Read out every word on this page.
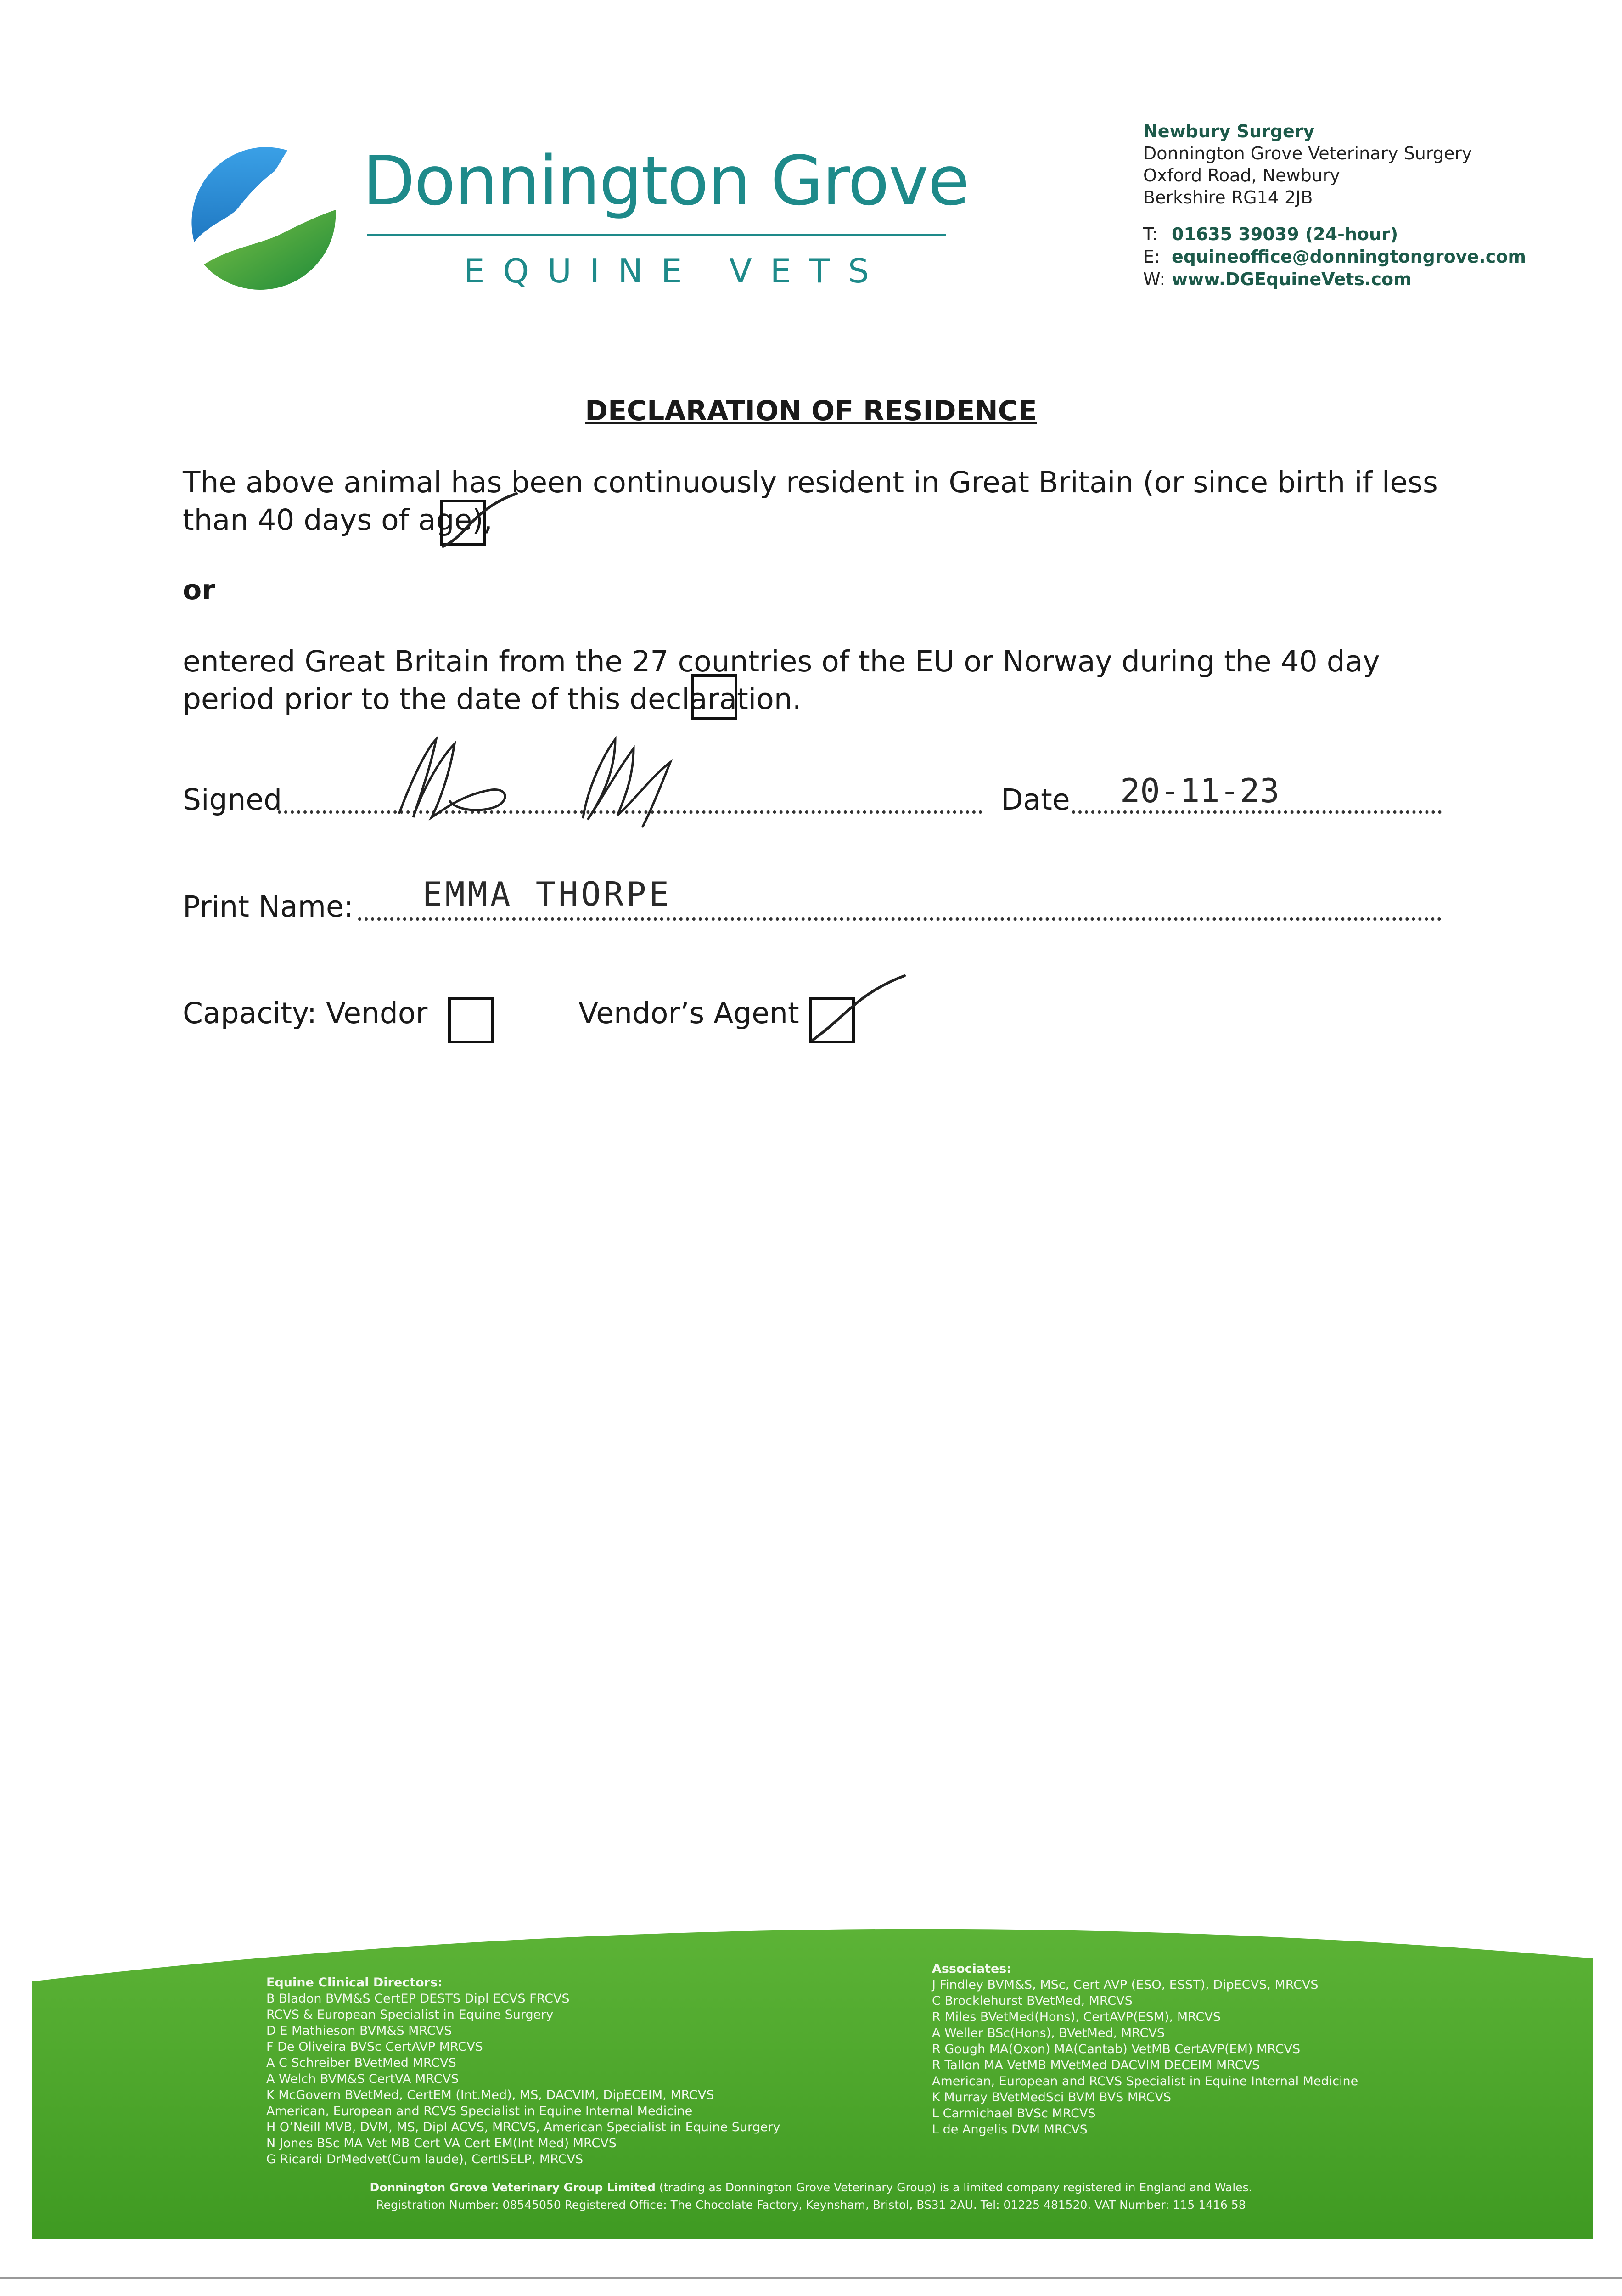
Donnington Grove
EQUINE VETS
Newbury Surgery
Donnington Grove Veterinary Surgery
Oxford Road, Newbury
Berkshire RG14 2JB
T: 01635 39039 (24-hour)
E: equineoffice@donningtongrove.com
W: www.DGEquineVets.com
DECLARATION OF RESIDENCE
The above animal has been continuously resident in Great Britain (or since birth if less than 40 days of age),
or
entered Great Britain from the 27 countries of the EU or Norway during the 40 day period prior to the date of this declaration.
Signed	Date 20-11-23
Print Name: EMMA THORPE
Capacity: Vendor	Vendor’s Agent
Equine Clinical Directors:
B Bladon BVM&S CertEP DESTS Dipl ECVS FRCVS
RCVS & European Specialist in Equine Surgery
D E Mathieson BVM&S MRCVS
F De Oliveira BVSc CertAVP MRCVS
A C Schreiber BVetMed MRCVS
A Welch BVM&S CertVA MRCVS
K McGovern BVetMed, CertEM (Int.Med), MS, DACVIM, DipECEIM, MRCVS
American, European and RCVS Specialist in Equine Internal Medicine
H O’Neill MVB, DVM, MS, Dipl ACVS, MRCVS, American Specialist in Equine Surgery
N Jones BSc MA Vet MB Cert VA Cert EM(Int Med) MRCVS
G Ricardi DrMedvet(Cum laude), CertISELP, MRCVS
Associates:
J Findley BVM&S, MSc, Cert AVP (ESO, ESST), DipECVS, MRCVS
C Brocklehurst BVetMed, MRCVS
R Miles BVetMed(Hons), CertAVP(ESM), MRCVS
A Weller BSc(Hons), BVetMed, MRCVS
R Gough MA(Oxon) MA(Cantab) VetMB CertAVP(EM) MRCVS
R Tallon MA VetMB MVetMed DACVIM DECEIM MRCVS
American, European and RCVS Specialist in Equine Internal Medicine
K Murray BVetMedSci BVM BVS MRCVS
L Carmichael BVSc MRCVS
L de Angelis DVM MRCVS
Donnington Grove Veterinary Group Limited (trading as Donnington Grove Veterinary Group) is a limited company registered in England and Wales.
Registration Number: 08545050 Registered Office: The Chocolate Factory, Keynsham, Bristol, BS31 2AU. Tel: 01225 481520. VAT Number: 115 1416 58
